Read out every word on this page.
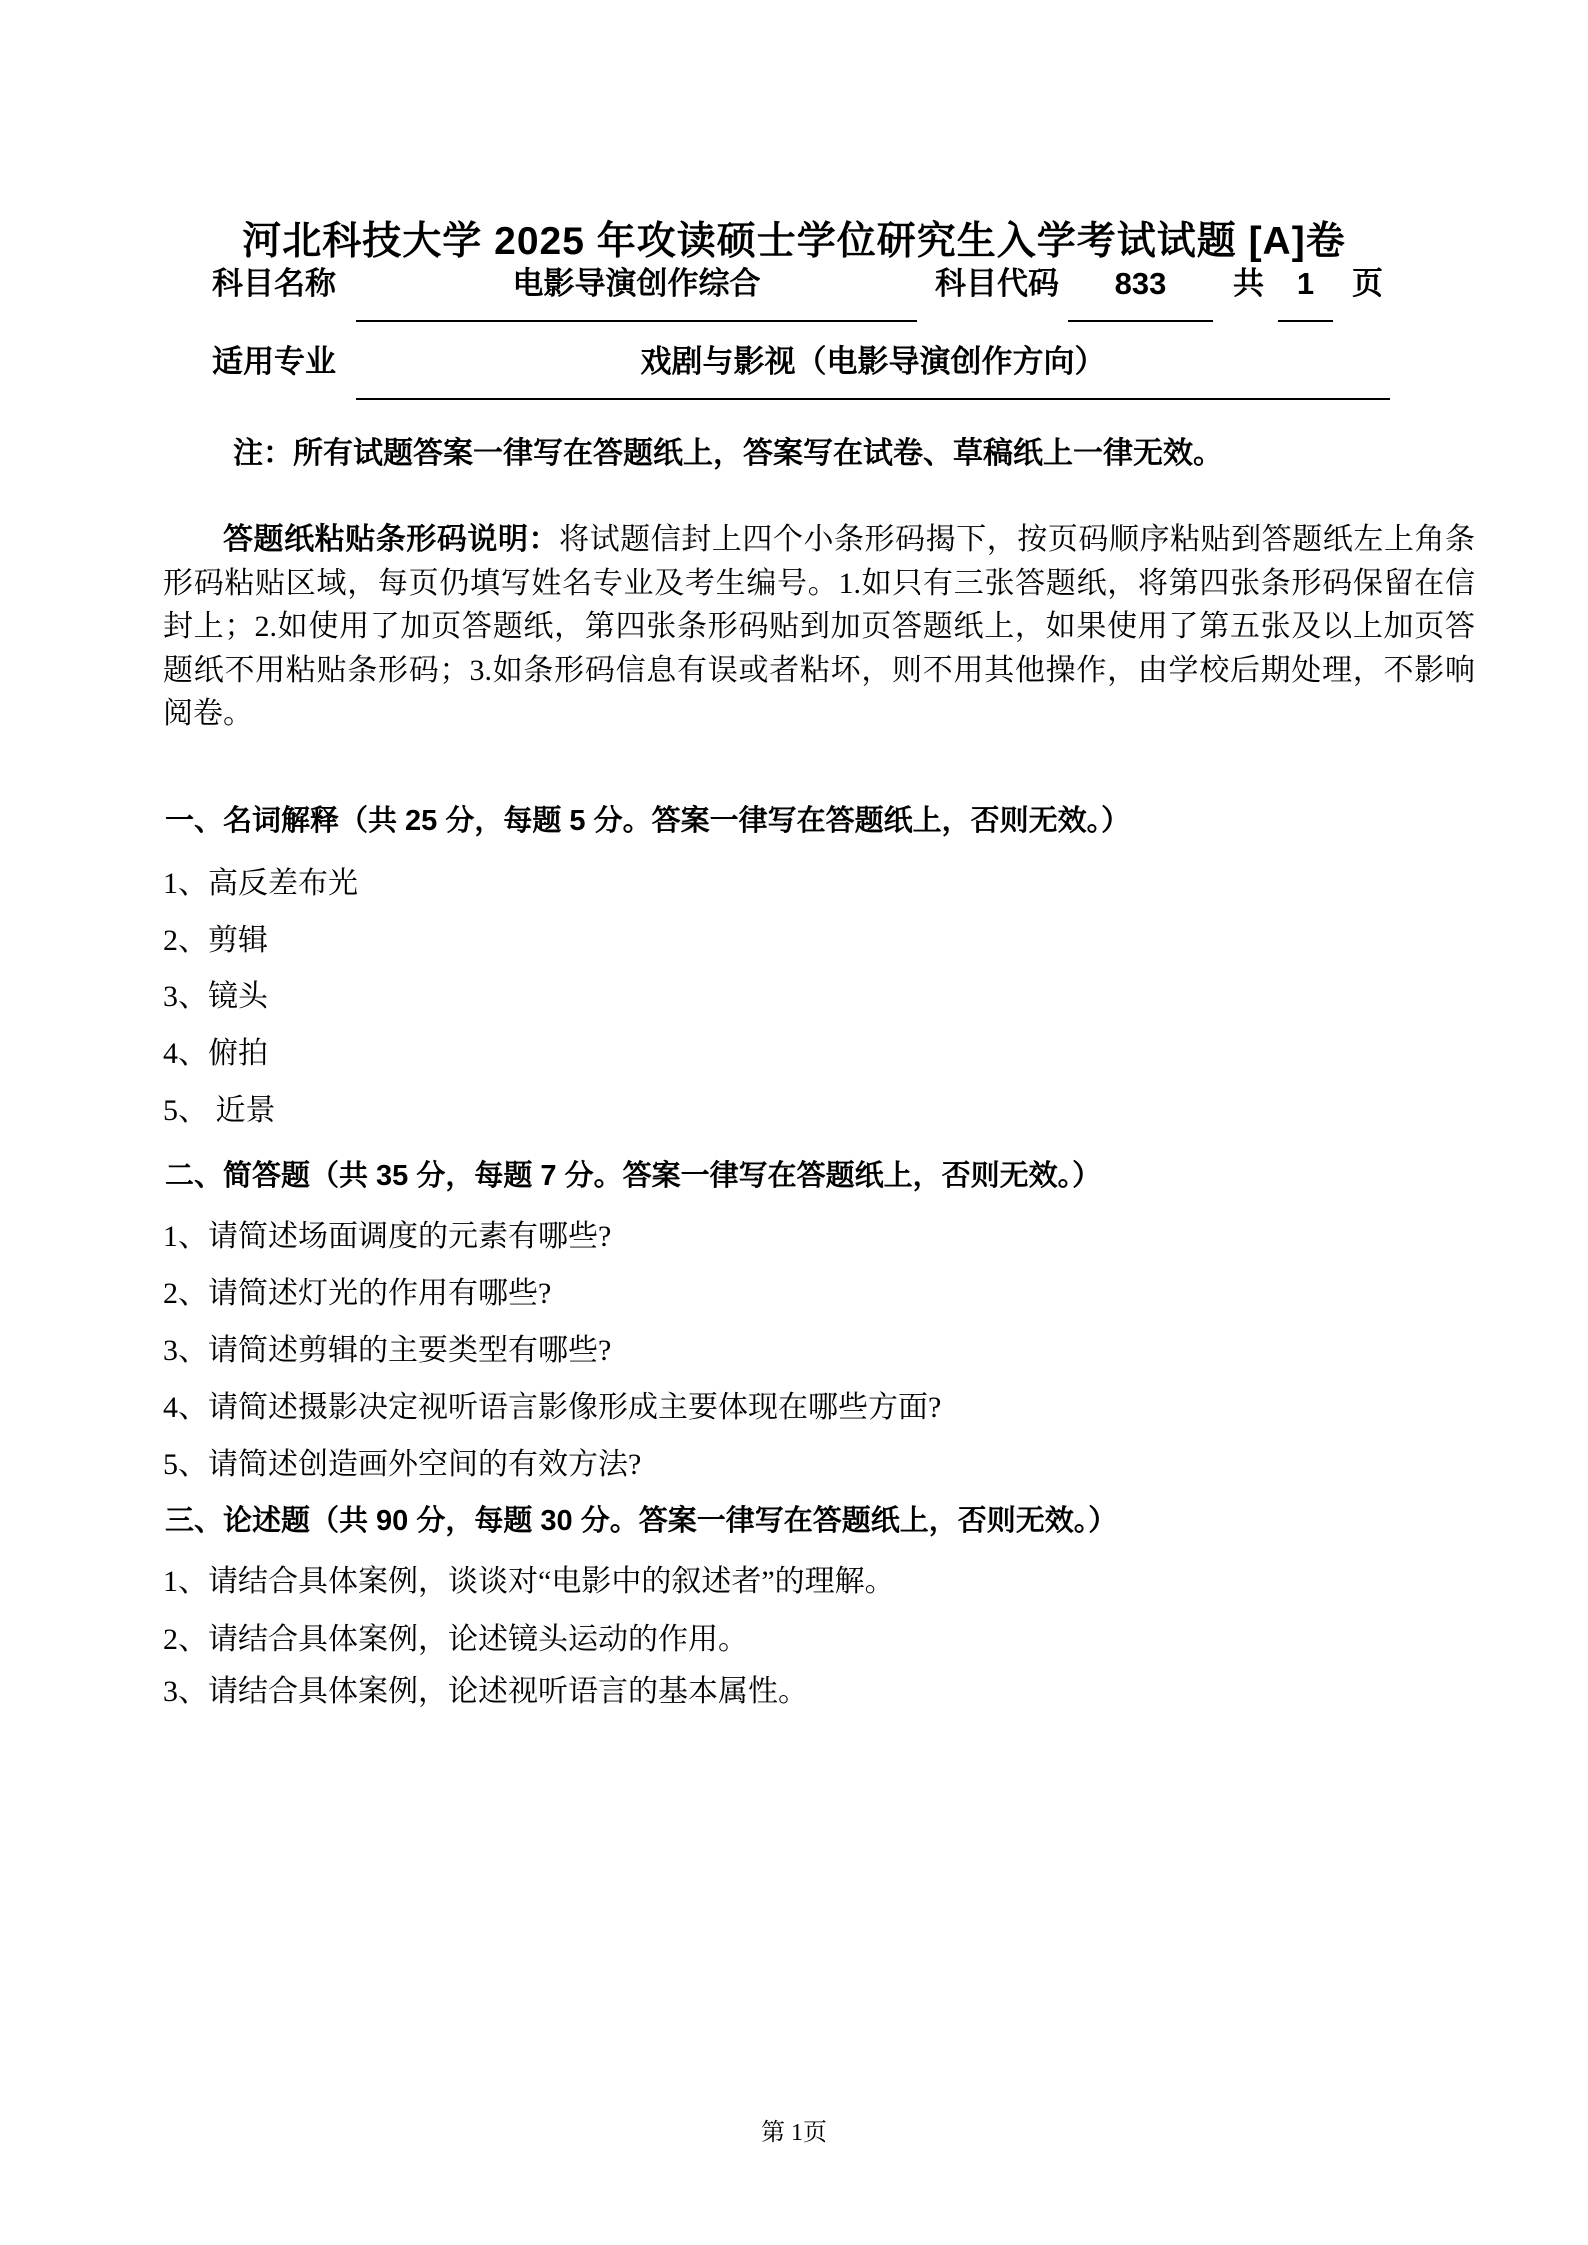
河北科技大学 2025 年攻读硕士学位研究生入学考试试题 [A]卷
科目名称	电影导演创作综合	科目代码	833	共	1	页
适用专业	戏剧与影视（电影导演创作方向）
注：所有试题答案一律写在答题纸上，答案写在试卷、草稿纸上一律无效。

答题纸粘贴条形码说明：将试题信封上四个小条形码揭下，按页码顺序粘贴到答题纸左上角条形码粘贴区域，每页仍填写姓名专业及考生编号。1.如只有三张答题纸，将第四张条形码保留在信封上；2.如使用了加页答题纸，第四张条形码贴到加页答题纸上，如果使用了第五张及以上加页答题纸不用粘贴条形码；3.如条形码信息有误或者粘坏，则不用其他操作，由学校后期处理，不影响阅卷。

一、名词解释（共 25 分，每题 5 分。答案一律写在答题纸上，否则无效。）
1、高反差布光
2、剪辑
3、镜头
4、俯拍
5、 近景
二、简答题（共 35 分，每题 7 分。答案一律写在答题纸上，否则无效。）
1、请简述场面调度的元素有哪些?
2、请简述灯光的作用有哪些?
3、请简述剪辑的主要类型有哪些?
4、请简述摄影决定视听语言影像形成主要体现在哪些方面?
5、请简述创造画外空间的有效方法?
三、论述题（共 90 分，每题 30 分。答案一律写在答题纸上，否则无效。）
1、请结合具体案例，谈谈对“电影中的叙述者”的理解。
2、请结合具体案例，论述镜头运动的作用。
3、请结合具体案例，论述视听语言的基本属性。
第 1页
